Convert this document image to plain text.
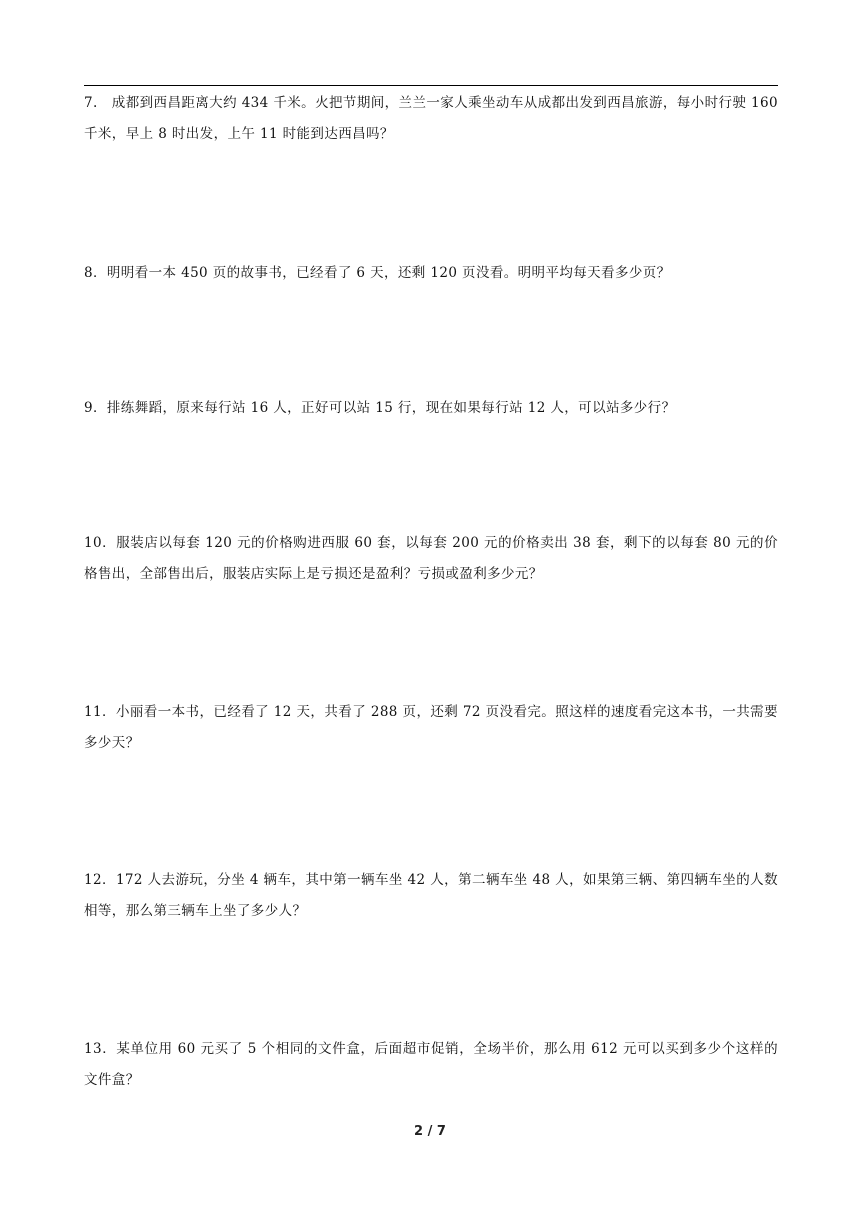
7. 成都到西昌距离大约 434 千米。火把节期间，兰兰一家人乘坐动车从成都出发到西昌旅游，每小时行驶 160 千米，早上 8 时出发，上午 11 时能到达西昌吗？
8．明明看一本 450 页的故事书，已经看了 6 天，还剩 120 页没看。明明平均每天看多少页？
9．排练舞蹈，原来每行站 16 人，正好可以站 15 行，现在如果每行站 12 人，可以站多少行？
10．服装店以每套 120 元的价格购进西服 60 套，以每套 200 元的价格卖出 38 套，剩下的以每套 80 元的价格售出，全部售出后，服装店实际上是亏损还是盈利？亏损或盈利多少元？
11．小丽看一本书，已经看了 12 天，共看了 288 页，还剩 72 页没看完。照这样的速度看完这本书，一共需要多少天？
12．172 人去游玩，分坐 4 辆车，其中第一辆车坐 42 人，第二辆车坐 48 人，如果第三辆、第四辆车坐的人数相等，那么第三辆车上坐了多少人？
13．某单位用 60 元买了 5 个相同的文件盒，后面超市促销，全场半价，那么用 612 元可以买到多少个这样的文件盒？
2 / 7
